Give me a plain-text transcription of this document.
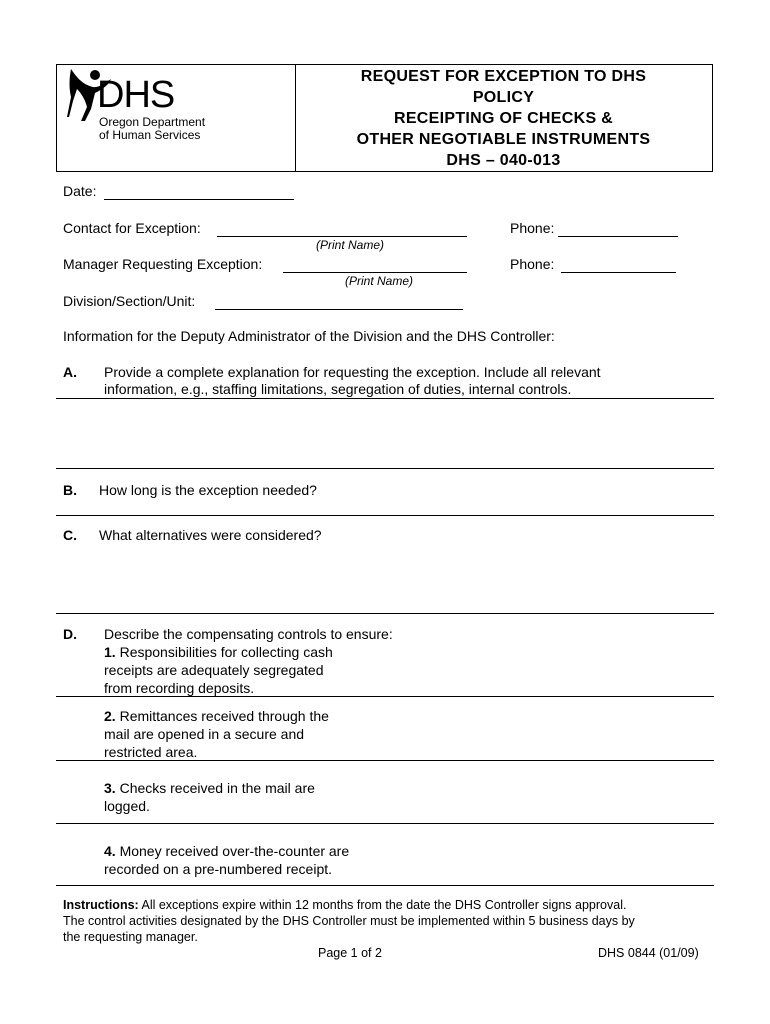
DHS
Oregon Department
of Human Services
REQUEST FOR EXCEPTION TO DHS
POLICY
RECEIPTING OF CHECKS &
OTHER NEGOTIABLE INSTRUMENTS
DHS – 040-013
Date:
Contact for Exception:
(Print Name)
Phone:
Manager Requesting Exception:
(Print Name)
Phone:
Division/Section/Unit:
Information for the Deputy Administrator of the Division and the DHS Controller:
A. Provide a complete explanation for requesting the exception. Include all relevant
information, e.g., staffing limitations, segregation of duties, internal controls.
B. How long is the exception needed?
C. What alternatives were considered?
D. Describe the compensating controls to ensure:
1. Responsibilities for collecting cash
receipts are adequately segregated
from recording deposits.
2. Remittances received through the
mail are opened in a secure and
restricted area.
3. Checks received in the mail are
logged.
4. Money received over-the-counter are
recorded on a pre-numbered receipt.
Instructions: All exceptions expire within 12 months from the date the DHS Controller signs approval.
The control activities designated by the DHS Controller must be implemented within 5 business days by
the requesting manager.
Page 1 of 2	DHS 0844 (01/09)
